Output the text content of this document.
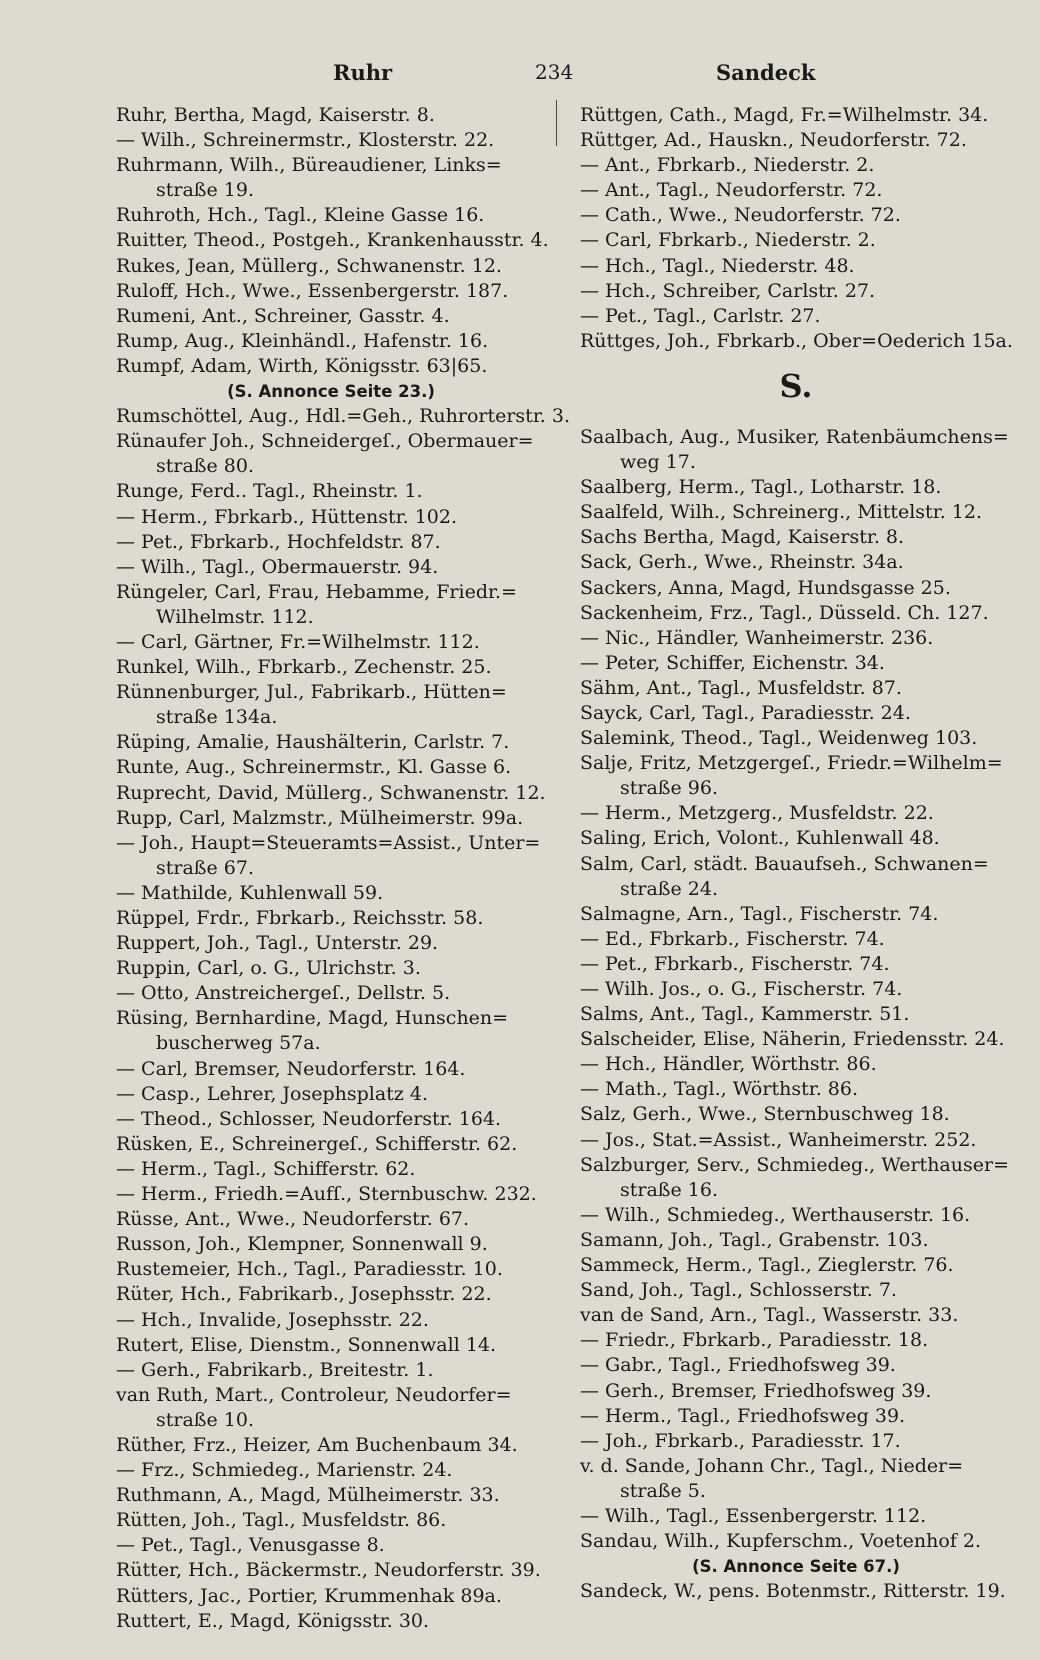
Ruhr	234	Sandeck
Ruhr, Bertha, Magd, Kaiserstr. 8.
— Wilh., Schreinermstr., Klosterstr. 22.
Ruhrmann, Wilh., Büreaudiener, Links=
straße 19.
Ruhroth, Hch., Tagl., Kleine Gasse 16.
Ruitter, Theod., Postgeh., Krankenhausstr. 4.
Rukes, Jean, Müllerg., Schwanenstr. 12.
Ruloff, Hch., Wwe., Essenbergerstr. 187.
Rumeni, Ant., Schreiner, Gasstr. 4.
Rump, Aug., Kleinhändl., Hafenstr. 16.
Rumpf, Adam, Wirth, Königsstr. 63|65.
(S. Annonce Seite 23.)
Rumschöttel, Aug., Hdl.=Geh., Ruhrorterstr. 3.
Rünaufer Joh., Schneidergeſ., Obermauer=
straße 80.
Runge, Ferd.. Tagl., Rheinstr. 1.
— Herm., Fbrkarb., Hüttenstr. 102.
— Pet., Fbrkarb., Hochfeldstr. 87.
— Wilh., Tagl., Obermauerstr. 94.
Rüngeler, Carl, Frau, Hebamme, Friedr.=
Wilhelmstr. 112.
— Carl, Gärtner, Fr.=Wilhelmstr. 112.
Runkel, Wilh., Fbrkarb., Zechenstr. 25.
Rünnenburger, Jul., Fabrikarb., Hütten=
straße 134a.
Rüping, Amalie, Haushälterin, Carlstr. 7.
Runte, Aug., Schreinermstr., Kl. Gasse 6.
Ruprecht, David, Müllerg., Schwanenstr. 12.
Rupp, Carl, Malzmstr., Mülheimerstr. 99a.
— Joh., Haupt=Steueramts=Assist., Unter=
straße 67.
— Mathilde, Kuhlenwall 59.
Rüppel, Frdr., Fbrkarb., Reichsstr. 58.
Ruppert, Joh., Tagl., Unterstr. 29.
Ruppin, Carl, o. G., Ulrichstr. 3.
— Otto, Anstreichergeſ., Dellstr. 5.
Rüsing, Bernhardine, Magd, Hunschen=
buscherweg 57a.
— Carl, Bremser, Neudorferstr. 164.
— Casp., Lehrer, Josephsplatz 4.
— Theod., Schlosser, Neudorferstr. 164.
Rüsken, E., Schreinergeſ., Schifferstr. 62.
— Herm., Tagl., Schifferstr. 62.
— Herm., Friedh.=Aufſ., Sternbuschw. 232.
Rüsse, Ant., Wwe., Neudorferstr. 67.
Russon, Joh., Klempner, Sonnenwall 9.
Rustemeier, Hch., Tagl., Paradiesstr. 10.
Rüter, Hch., Fabrikarb., Josephsstr. 22.
— Hch., Invalide, Josephsstr. 22.
Rutert, Elise, Dienstm., Sonnenwall 14.
— Gerh., Fabrikarb., Breitestr. 1.
van Ruth, Mart., Controleur, Neudorfer=
straße 10.
Rüther, Frz., Heizer, Am Buchenbaum 34.
— Frz., Schmiedeg., Marienstr. 24.
Ruthmann, A., Magd, Mülheimerstr. 33.
Rütten, Joh., Tagl., Musfeldstr. 86.
— Pet., Tagl., Venusgasse 8.
Rütter, Hch., Bäckermstr., Neudorferstr. 39.
Rütters, Jac., Portier, Krummenhak 89a.
Ruttert, E., Magd, Königsstr. 30.
Rüttgen, Cath., Magd, Fr.=Wilhelmstr. 34.
Rüttger, Ad., Hauskn., Neudorferstr. 72.
— Ant., Fbrkarb., Niederstr. 2.
— Ant., Tagl., Neudorferstr. 72.
— Cath., Wwe., Neudorferstr. 72.
— Carl, Fbrkarb., Niederstr. 2.
— Hch., Tagl., Niederstr. 48.
— Hch., Schreiber, Carlstr. 27.
— Pet., Tagl., Carlstr. 27.
Rüttges, Joh., Fbrkarb., Ober=Oederich 15a.
S.
Saalbach, Aug., Musiker, Ratenbäumchens=
weg 17.
Saalberg, Herm., Tagl., Lotharstr. 18.
Saalfeld, Wilh., Schreinerg., Mittelstr. 12.
Sachs Bertha, Magd, Kaiserstr. 8.
Sack, Gerh., Wwe., Rheinstr. 34a.
Sackers, Anna, Magd, Hundsgasse 25.
Sackenheim, Frz., Tagl., Düsseld. Ch. 127.
— Nic., Händler, Wanheimerstr. 236.
— Peter, Schiffer, Eichenstr. 34.
Sähm, Ant., Tagl., Musfeldstr. 87.
Sayck, Carl, Tagl., Paradiesstr. 24.
Salemink, Theod., Tagl., Weidenweg 103.
Salje, Fritz, Metzgergeſ., Friedr.=Wilhelm=
straße 96.
— Herm., Metzgerg., Musfeldstr. 22.
Saling, Erich, Volont., Kuhlenwall 48.
Salm, Carl, städt. Bauaufseh., Schwanen=
straße 24.
Salmagne, Arn., Tagl., Fischerstr. 74.
— Ed., Fbrkarb., Fischerstr. 74.
— Pet., Fbrkarb., Fischerstr. 74.
— Wilh. Jos., o. G., Fischerstr. 74.
Salms, Ant., Tagl., Kammerstr. 51.
Salscheider, Elise, Näherin, Friedensstr. 24.
— Hch., Händler, Wörthstr. 86.
— Math., Tagl., Wörthstr. 86.
Salz, Gerh., Wwe., Sternbuschweg 18.
— Jos., Stat.=Assist., Wanheimerstr. 252.
Salzburger, Serv., Schmiedeg., Werthauser=
straße 16.
— Wilh., Schmiedeg., Werthauserstr. 16.
Samann, Joh., Tagl., Grabenstr. 103.
Sammeck, Herm., Tagl., Zieglerstr. 76.
Sand, Joh., Tagl., Schlosserstr. 7.
van de Sand, Arn., Tagl., Wasserstr. 33.
— Friedr., Fbrkarb., Paradiesstr. 18.
— Gabr., Tagl., Friedhofsweg 39.
— Gerh., Bremser, Friedhofsweg 39.
— Herm., Tagl., Friedhofsweg 39.
— Joh., Fbrkarb., Paradiesstr. 17.
v. d. Sande, Johann Chr., Tagl., Nieder=
straße 5.
— Wilh., Tagl., Essenbergerstr. 112.
Sandau, Wilh., Kupferschm., Voetenhof 2.
(S. Annonce Seite 67.)
Sandeck, W., pens. Botenmstr., Ritterstr. 19.
